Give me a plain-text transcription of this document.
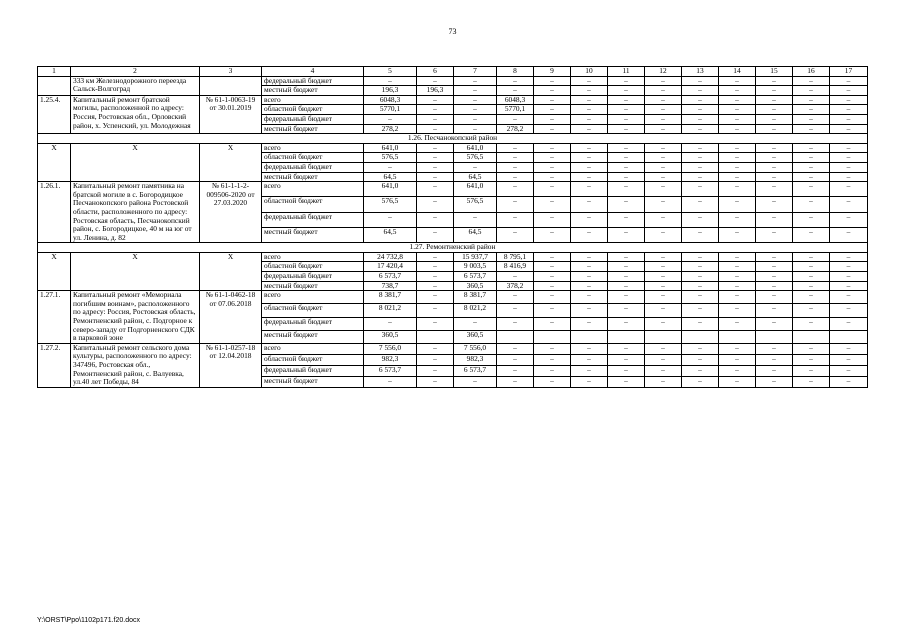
73
1	2	3	4	5	6	7	8	9	10	11	12	13	14	15	16	17
	333 км Железнодорожного переезда Сальск-Волгоград		федеральный бюджет	–	–	–	–	–	–	–	–	–	–	–	–	–
			местный бюджет	196,3	196,3	–	–	–	–	–	–	–	–	–	–	–
1.25.4.	Капитальный ремонт братской могилы, расположенной по адресу: Россия, Ростовская обл., Орловский район, х. Успенский, ул. Молодежная	№ 61-1-0063-19 от 30.01.2019	всего	6048,3	–	–	6048,3	–	–	–	–	–	–	–	–	–
			областной бюджет	5770,1	–	–	5770,1	–	–	–	–	–	–	–	–	–
			федеральный бюджет	–	–	–	–	–	–	–	–	–	–	–	–	–
			местный бюджет	278,2	–	–	278,2	–	–	–	–	–	–	–	–	–
1.26. Песчанокопский район																
Х	Х	Х	всего	641,0	–	641,0	–	–	–	–	–	–	–	–	–	–
			областной бюджет	576,5	–	576,5	–	–	–	–	–	–	–	–	–	–
			федеральный бюджет	–	–	–	–	–	–	–	–	–	–	–	–	–
			местный бюджет	64,5	–	64,5	–	–	–	–	–	–	–	–	–	–
1.26.1.	Капитальный ремонт памятника на братской могиле в с. Богородицкое Песчанокопского района Ростовской области, расположенного по адресу: Ростовская область, Песчанокопский район, с. Богородицкое, 40 м на юг от ул. Ленина, д. 82	№ 61-1-1-2-009506-2020 от 27.03.2020	всего	641,0	–	641,0	–	–	–	–	–	–	–	–	–	–
			областной бюджет	576,5	–	576,5	–	–	–	–	–	–	–	–	–	–
			федеральный бюджет	–	–	–	–	–	–	–	–	–	–	–	–	–
			местный бюджет	64,5	–	64,5	–	–	–	–	–	–	–	–	–	–
1.27. Ремонтненский район																
Х	Х	Х	всего	24 732,8	–	15 937,7	8 795,1	–	–	–	–	–	–	–	–	–
			областной бюджет	17 420,4	–	9 003,5	8 416,9	–	–	–	–	–	–	–	–	–
			федеральный бюджет	6 573,7	–	6 573,7	–	–	–	–	–	–	–	–	–	–
			местный бюджет	738,7	–	360,5	378,2	–	–	–	–	–	–	–	–	–
1.27.1.	Капитальный ремонт «Мемориала погибшим воинам», расположенного по адресу: Россия, Ростовская область, Ремонтненский район, с. Подгорное к северо-западу от Подгорненского СДК в парковой зоне	№ 61-1-0462-18 от 07.06.2018	всего	8 381,7	–	8 381,7	–	–	–	–	–	–	–	–	–	–
			областной бюджет	8 021,2	–	8 021,2	–	–	–	–	–	–	–	–	–	–
			федеральный бюджет	–	–	–	–	–	–	–	–	–	–	–	–	–
			местный бюджет	360,5		360,5										
1.27.2.	Капитальный ремонт сельского дома культуры, расположенного по адресу: 347496, Ростовская обл., Ремонтненский район, с. Валуевка, ул.40 лет Победы, 84	№ 61-1-0257-18 от 12.04.2018	всего	7 556,0	–	7 556,0	–	–	–	–	–	–	–	–	–	–
			областной бюджет	982,3	–	982,3	–	–	–	–	–	–	–	–	–	–
			федеральный бюджет	6 573,7	–	6 573,7	–	–	–	–	–	–	–	–	–	–
			местный бюджет	–	–	–	–	–	–	–	–	–	–	–	–	–
Y:\ORST\Ppo\1102p171.f20.docx
